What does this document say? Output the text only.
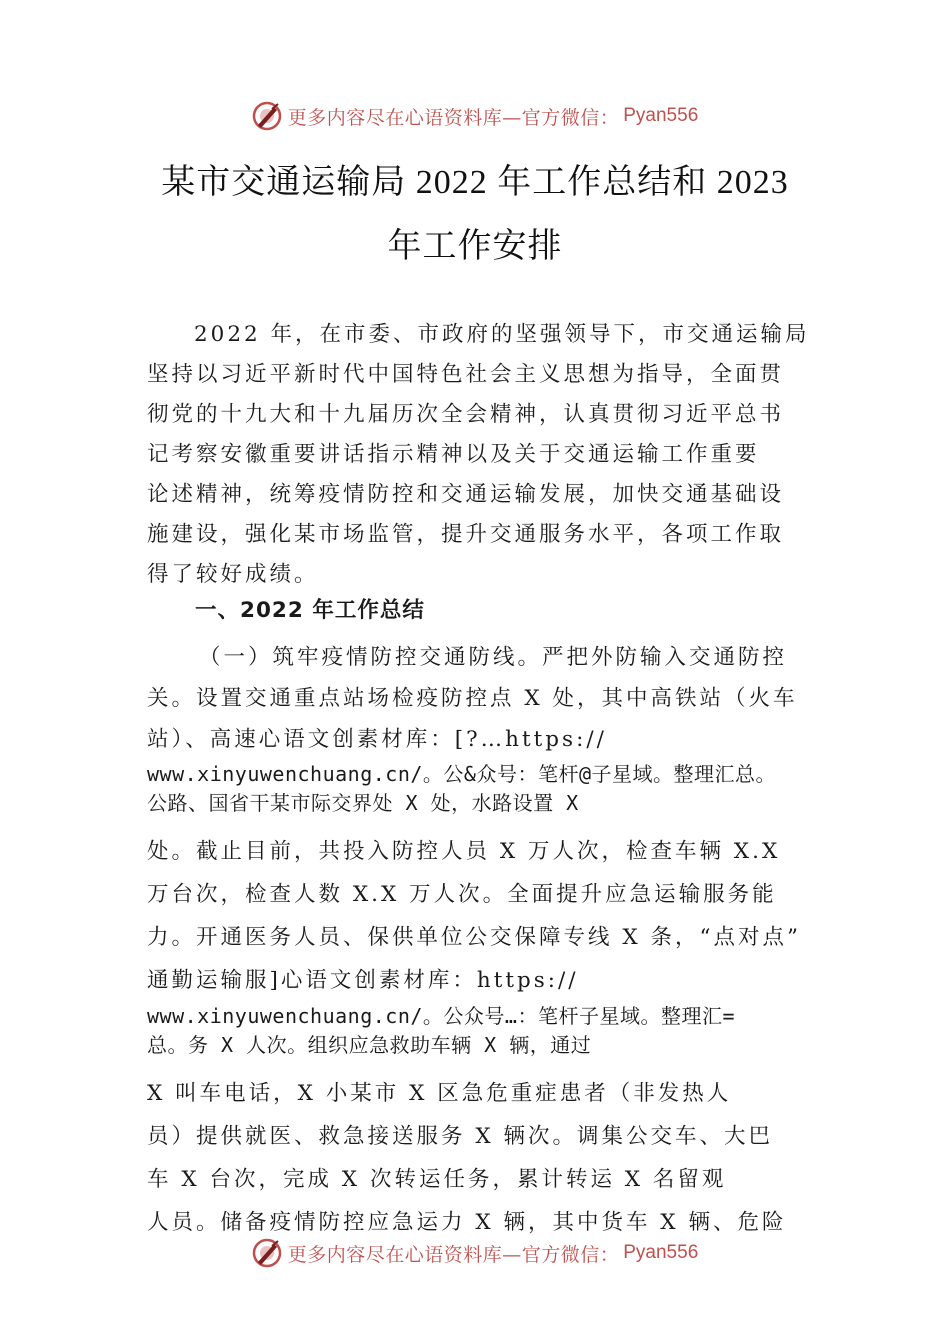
更多内容尽在心语资料库—官方微信： Pyan556
某市交通运输局 2022 年工作总结和 2023
年工作安排
2022 年，在市委、市政府的坚强领导下，市交通运输局
坚持以习近平新时代中国特色社会主义思想为指导，全面贯
彻党的十九大和十九届历次全会精神，认真贯彻习近平总书
记考察安徽重要讲话指示精神以及关于交通运输工作重要
论述精神，统筹疫情防控和交通运输发展，加快交通基础设
施建设，强化某市场监管，提升交通服务水平，各项工作取
得了较好成绩。
一、2022 年工作总结
（一）筑牢疫情防控交通防线。严把外防输入交通防控
关。设置交通重点站场检疫防控点 X 处，其中高铁站（火车
站）、高速心语文创素材库：[?…https://
www.xinyuwenchuang.cn/。公&众号：笔杆@子星域。整理汇总。
公路、国省干某市际交界处 X 处，水路设置 X
处。截止目前，共投入防控人员 X 万人次，检查车辆 X.X
万台次，检查人数 X.X 万人次。全面提升应急运输服务能
力。开通医务人员、保供单位公交保障专线 X 条，“点对点”
通勤运输服]心语文创素材库：https://
www.xinyuwenchuang.cn/。公众号…：笔杆子星域。整理汇=
总。务 X 人次。组织应急救助车辆 X 辆，通过
X 叫车电话，X 小某市 X 区急危重症患者（非发热人
员）提供就医、救急接送服务 X 辆次。调集公交车、大巴
车 X 台次，完成 X 次转运任务，累计转运 X 名留观
人员。储备疫情防控应急运力 X 辆，其中货车 X 辆、危险
更多内容尽在心语资料库—官方微信： Pyan556
